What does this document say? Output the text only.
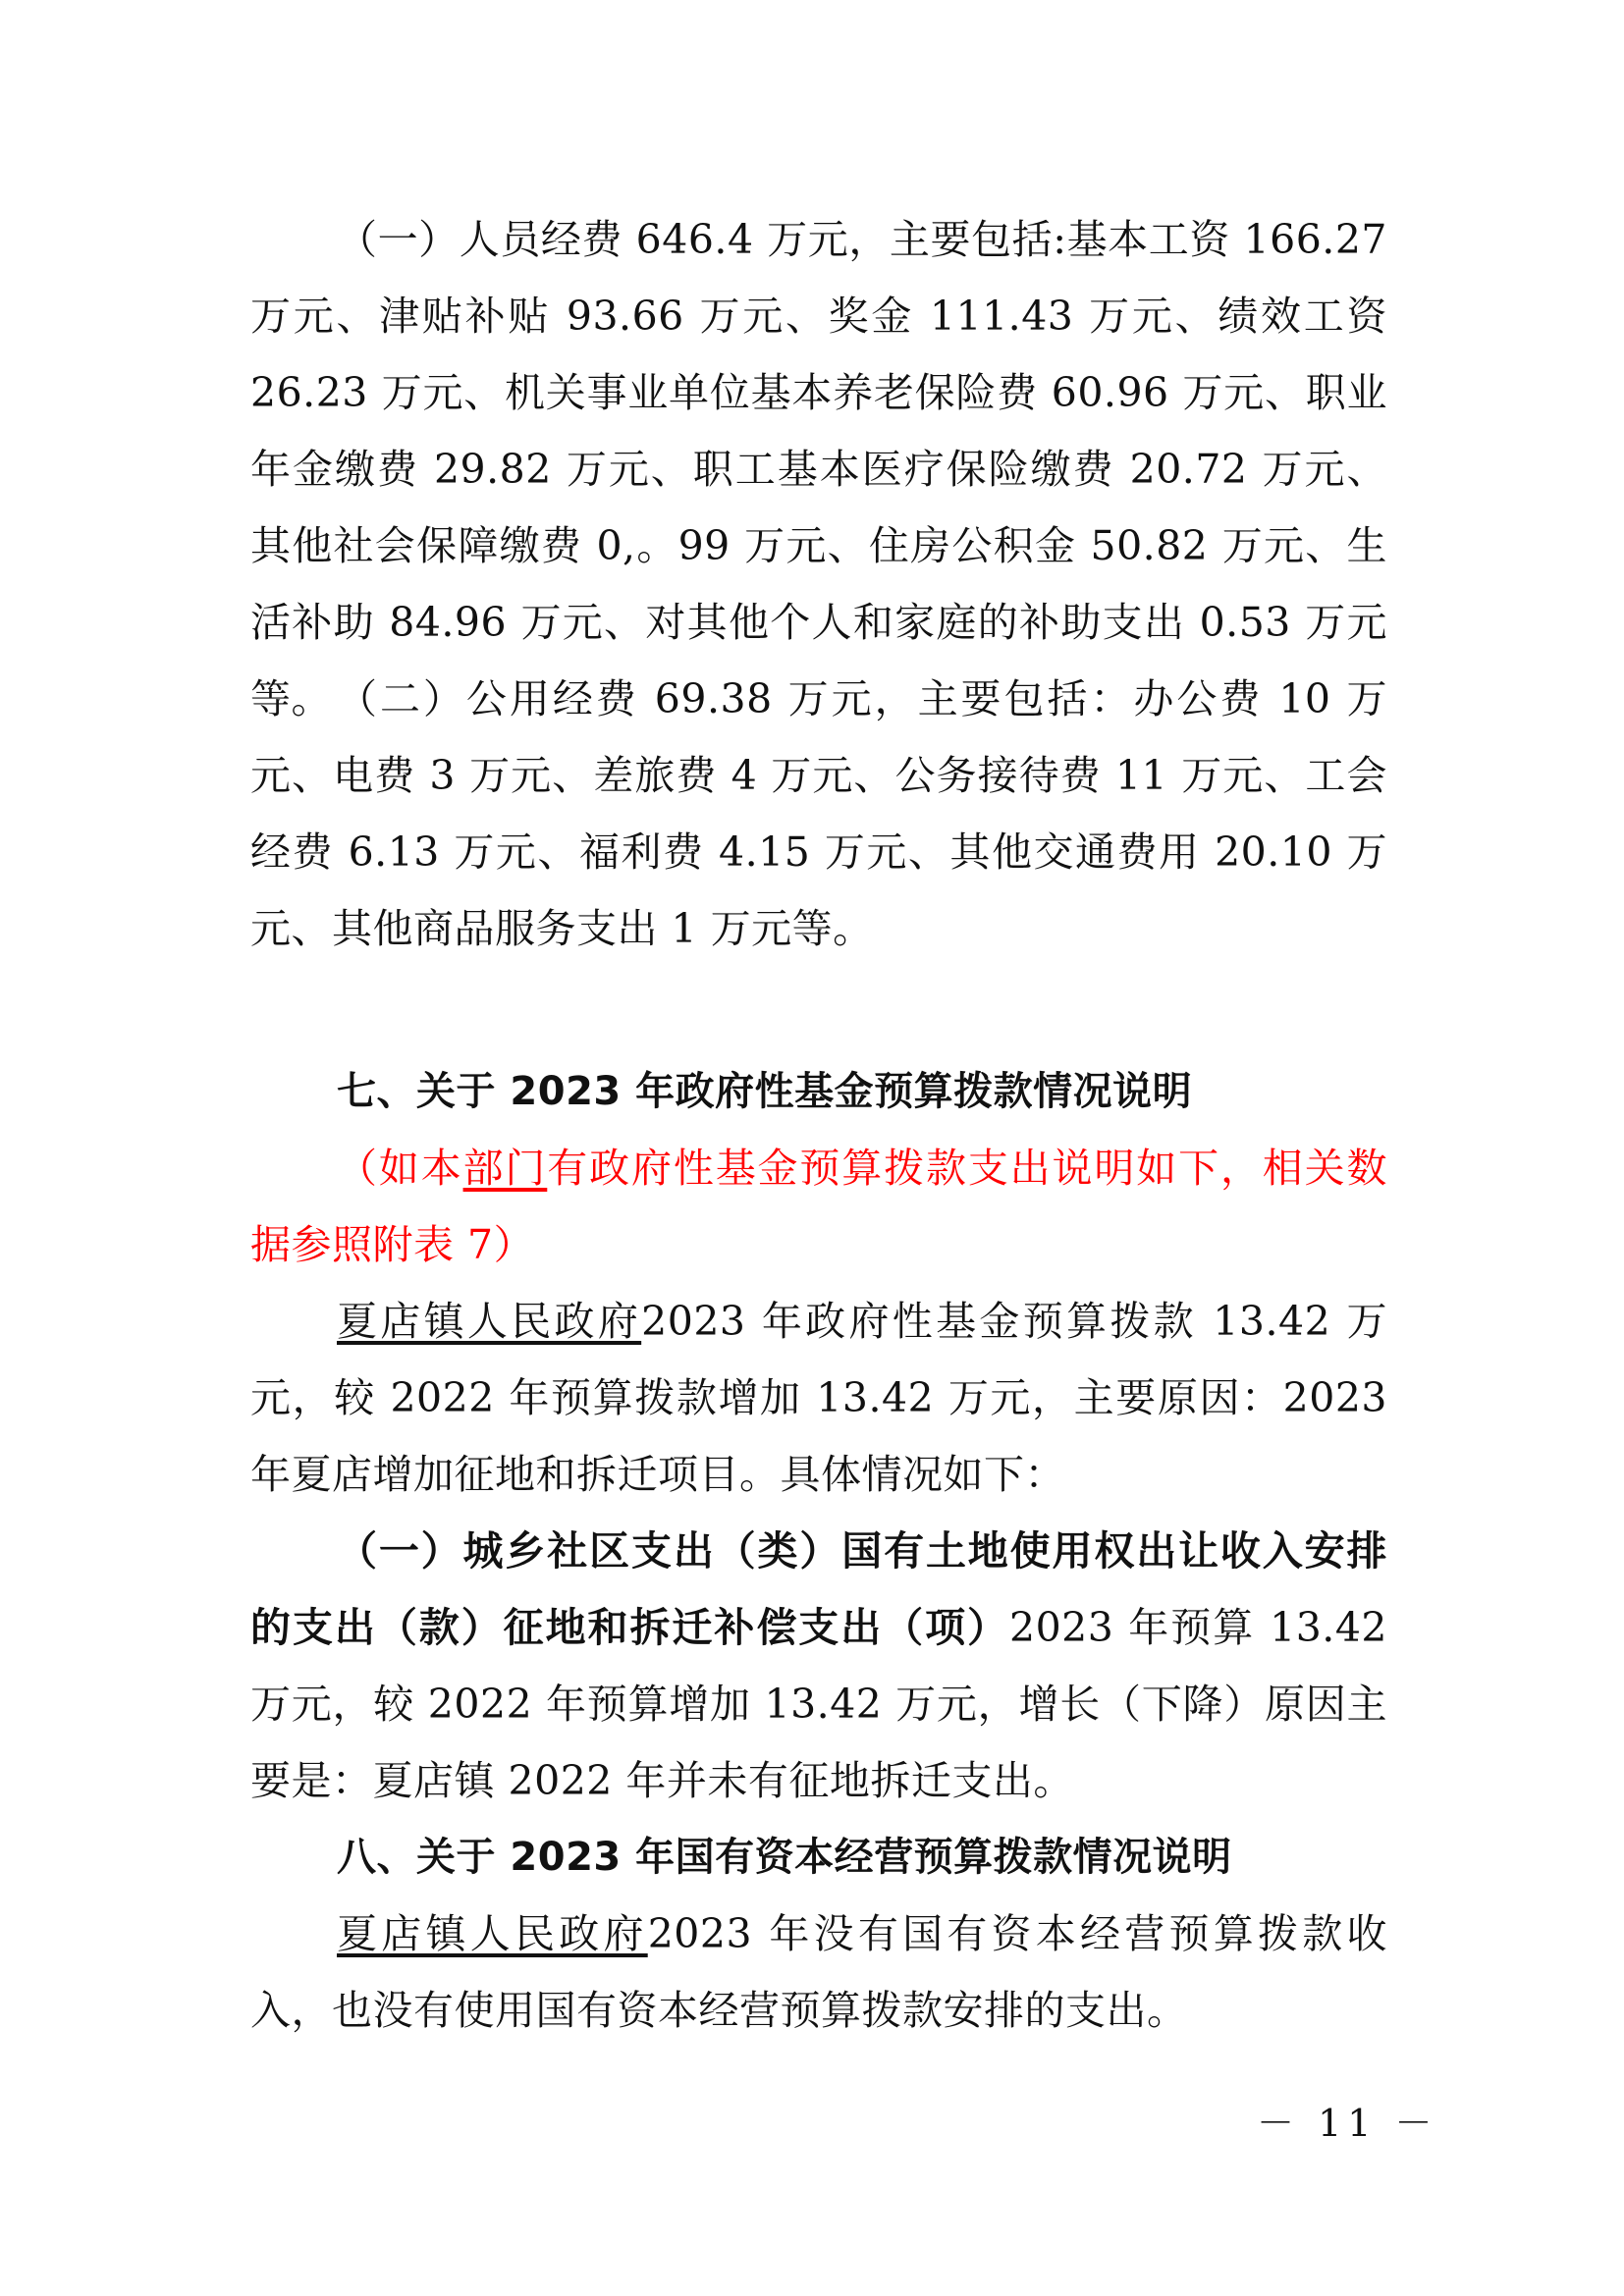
（一）人员经费 646.4 万元，主要包括:基本工资 166.27 万元、津贴补贴 93.66 万元、奖金 111.43 万元、绩效工资 26.23 万元、机关事业单位基本养老保险费 60.96 万元、职业年金缴费 29.82 万元、职工基本医疗保险缴费 20.72 万元、其他社会保障缴费 0,。99 万元、住房公积金 50.82 万元、生活补助 84.96 万元、对其他个人和家庭的补助支出 0.53 万元等。 （二）公用经费 69.38 万元，主要包括：办公费 10 万元、电费 3 万元、差旅费 4 万元、公务接待费 11 万元、工会经费 6.13 万元、福利费 4.15 万元、其他交通费用 20.10 万元、其他商品服务支出 1 万元等。

七、关于 2023 年政府性基金预算拨款情况说明

（如本部门有政府性基金预算拨款支出说明如下，相关数据参照附表 7）

夏店镇人民政府2023 年政府性基金预算拨款 13.42 万元，较 2022 年预算拨款增加 13.42 万元，主要原因：2023 年夏店增加征地和拆迁项目。具体情况如下：

（一）城乡社区支出（类）国有土地使用权出让收入安排的支出（款）征地和拆迁补偿支出（项）2023 年预算 13.42 万元，较 2022 年预算增加 13.42 万元，增长（下降）原因主要是：夏店镇 2022 年并未有征地拆迁支出。

八、关于 2023 年国有资本经营预算拨款情况说明

夏店镇人民政府2023 年没有国有资本经营预算拨款收入，也没有使用国有资本经营预算拨款安排的支出。

－ 11 －
